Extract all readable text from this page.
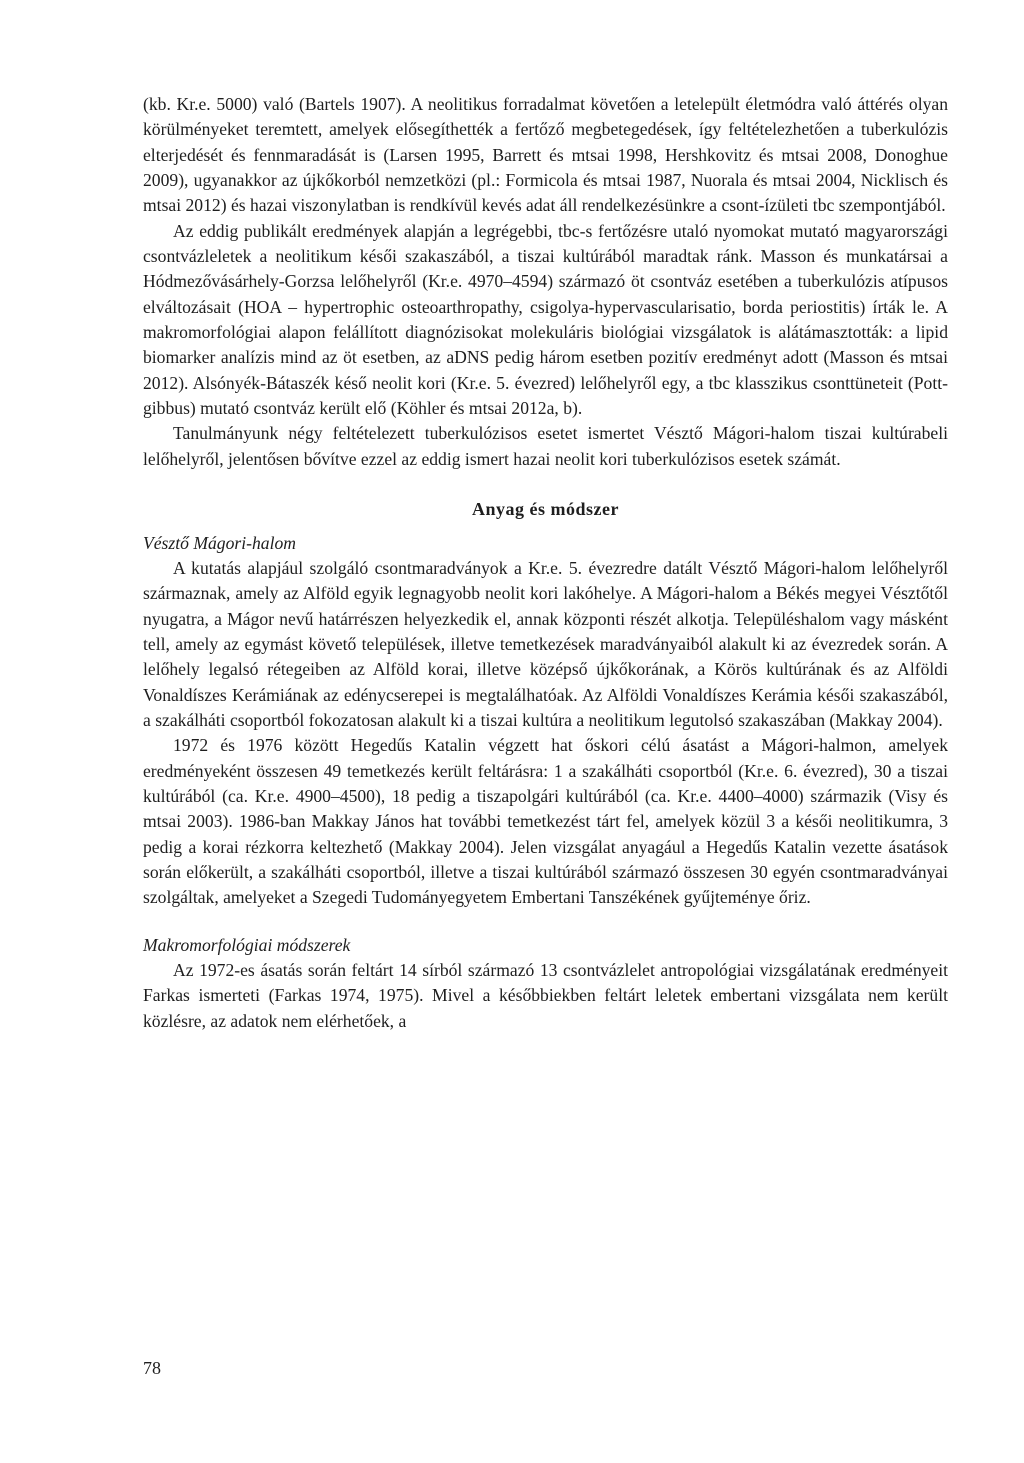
(kb. Kr.e. 5000) való (Bartels 1907). A neolitikus forradalmat követően a letelepült életmódra való áttérés olyan körülményeket teremtett, amelyek elősegíthették a fertőző megbetegedések, így feltételezhetően a tuberkulózis elterjedését és fennmaradását is (Larsen 1995, Barrett és mtsai 1998, Hershkovitz és mtsai 2008, Donoghue 2009), ugyanakkor az újkőkorból nemzetközi (pl.: Formicola és mtsai 1987, Nuorala és mtsai 2004, Nicklisch és mtsai 2012) és hazai viszonylatban is rendkívül kevés adat áll rendelkezésünkre a csont-ízületi tbc szempontjából.

Az eddig publikált eredmények alapján a legrégebbi, tbc-s fertőzésre utaló nyomokat mutató magyarországi csontvázleletek a neolitikum késői szakaszából, a tiszai kultúrából maradtak ránk. Masson és munkatársai a Hódmezővásárhely-Gorzsa lelőhelyről (Kr.e. 4970–4594) származó öt csontváz esetében a tuberkulózis atípusos elváltozásait (HOA – hypertrophic osteoarthropathy, csigolya-hypervascularisatio, borda periostitis) írták le. A makromorfológiai alapon felállított diagnózisokat molekuláris biológiai vizsgálatok is alátámasztották: a lipid biomarker analízis mind az öt esetben, az aDNS pedig három esetben pozitív eredményt adott (Masson és mtsai 2012). Alsónyék-Bátaszék késő neolit kori (Kr.e. 5. évezred) lelőhelyről egy, a tbc klasszikus csonttüneteit (Pott-gibbus) mutató csontváz került elő (Köhler és mtsai 2012a, b).

Tanulmányunk négy feltételezett tuberkulózisos esetet ismertet Vésztő Mágori-halom tiszai kultúrabeli lelőhelyről, jelentősen bővítve ezzel az eddig ismert hazai neolit kori tuberkulózisos esetek számát.

Anyag és módszer

Vésztő Mágori-halom

A kutatás alapjául szolgáló csontmaradványok a Kr.e. 5. évezredre datált Vésztő Mágori-halom lelőhelyről származnak, amely az Alföld egyik legnagyobb neolit kori lakóhelye. A Mágori-halom a Békés megyei Vésztőtől nyugatra, a Mágor nevű határrészen helyezkedik el, annak központi részét alkotja. Településhalom vagy másként tell, amely az egymást követő települések, illetve temetkezések maradványaiból alakult ki az évezredek során. A lelőhely legalsó rétegeiben az Alföld korai, illetve középső újkőkorának, a Körös kultúrának és az Alföldi Vonaldíszes Kerámiának az edénycserepei is megtalálhatóak. Az Alföldi Vonaldíszes Kerámia késői szakaszából, a szakálháti csoportból fokozatosan alakult ki a tiszai kultúra a neolitikum legutolsó szakaszában (Makkay 2004).

1972 és 1976 között Hegedűs Katalin végzett hat őskori célú ásatást a Mágori-halmon, amelyek eredményeként összesen 49 temetkezés került feltárásra: 1 a szakálháti csoportból (Kr.e. 6. évezred), 30 a tiszai kultúrából (ca. Kr.e. 4900–4500), 18 pedig a tiszapolgári kultúrából (ca. Kr.e. 4400–4000) származik (Visy és mtsai 2003). 1986-ban Makkay János hat további temetkezést tárt fel, amelyek közül 3 a késői neolitikumra, 3 pedig a korai rézkorra keltezhető (Makkay 2004). Jelen vizsgálat anyagául a Hegedűs Katalin vezette ásatások során előkerült, a szakálháti csoportból, illetve a tiszai kultúrából származó összesen 30 egyén csontmaradványai szolgáltak, amelyeket a Szegedi Tudományegyetem Embertani Tanszékének gyűjteménye őriz.

Makromorfológiai módszerek

Az 1972-es ásatás során feltárt 14 sírból származó 13 csontvázlelet antropológiai vizsgálatának eredményeit Farkas ismerteti (Farkas 1974, 1975). Mivel a későbbiekben feltárt leletek embertani vizsgálata nem került közlésre, az adatok nem elérhetőek, a

78
